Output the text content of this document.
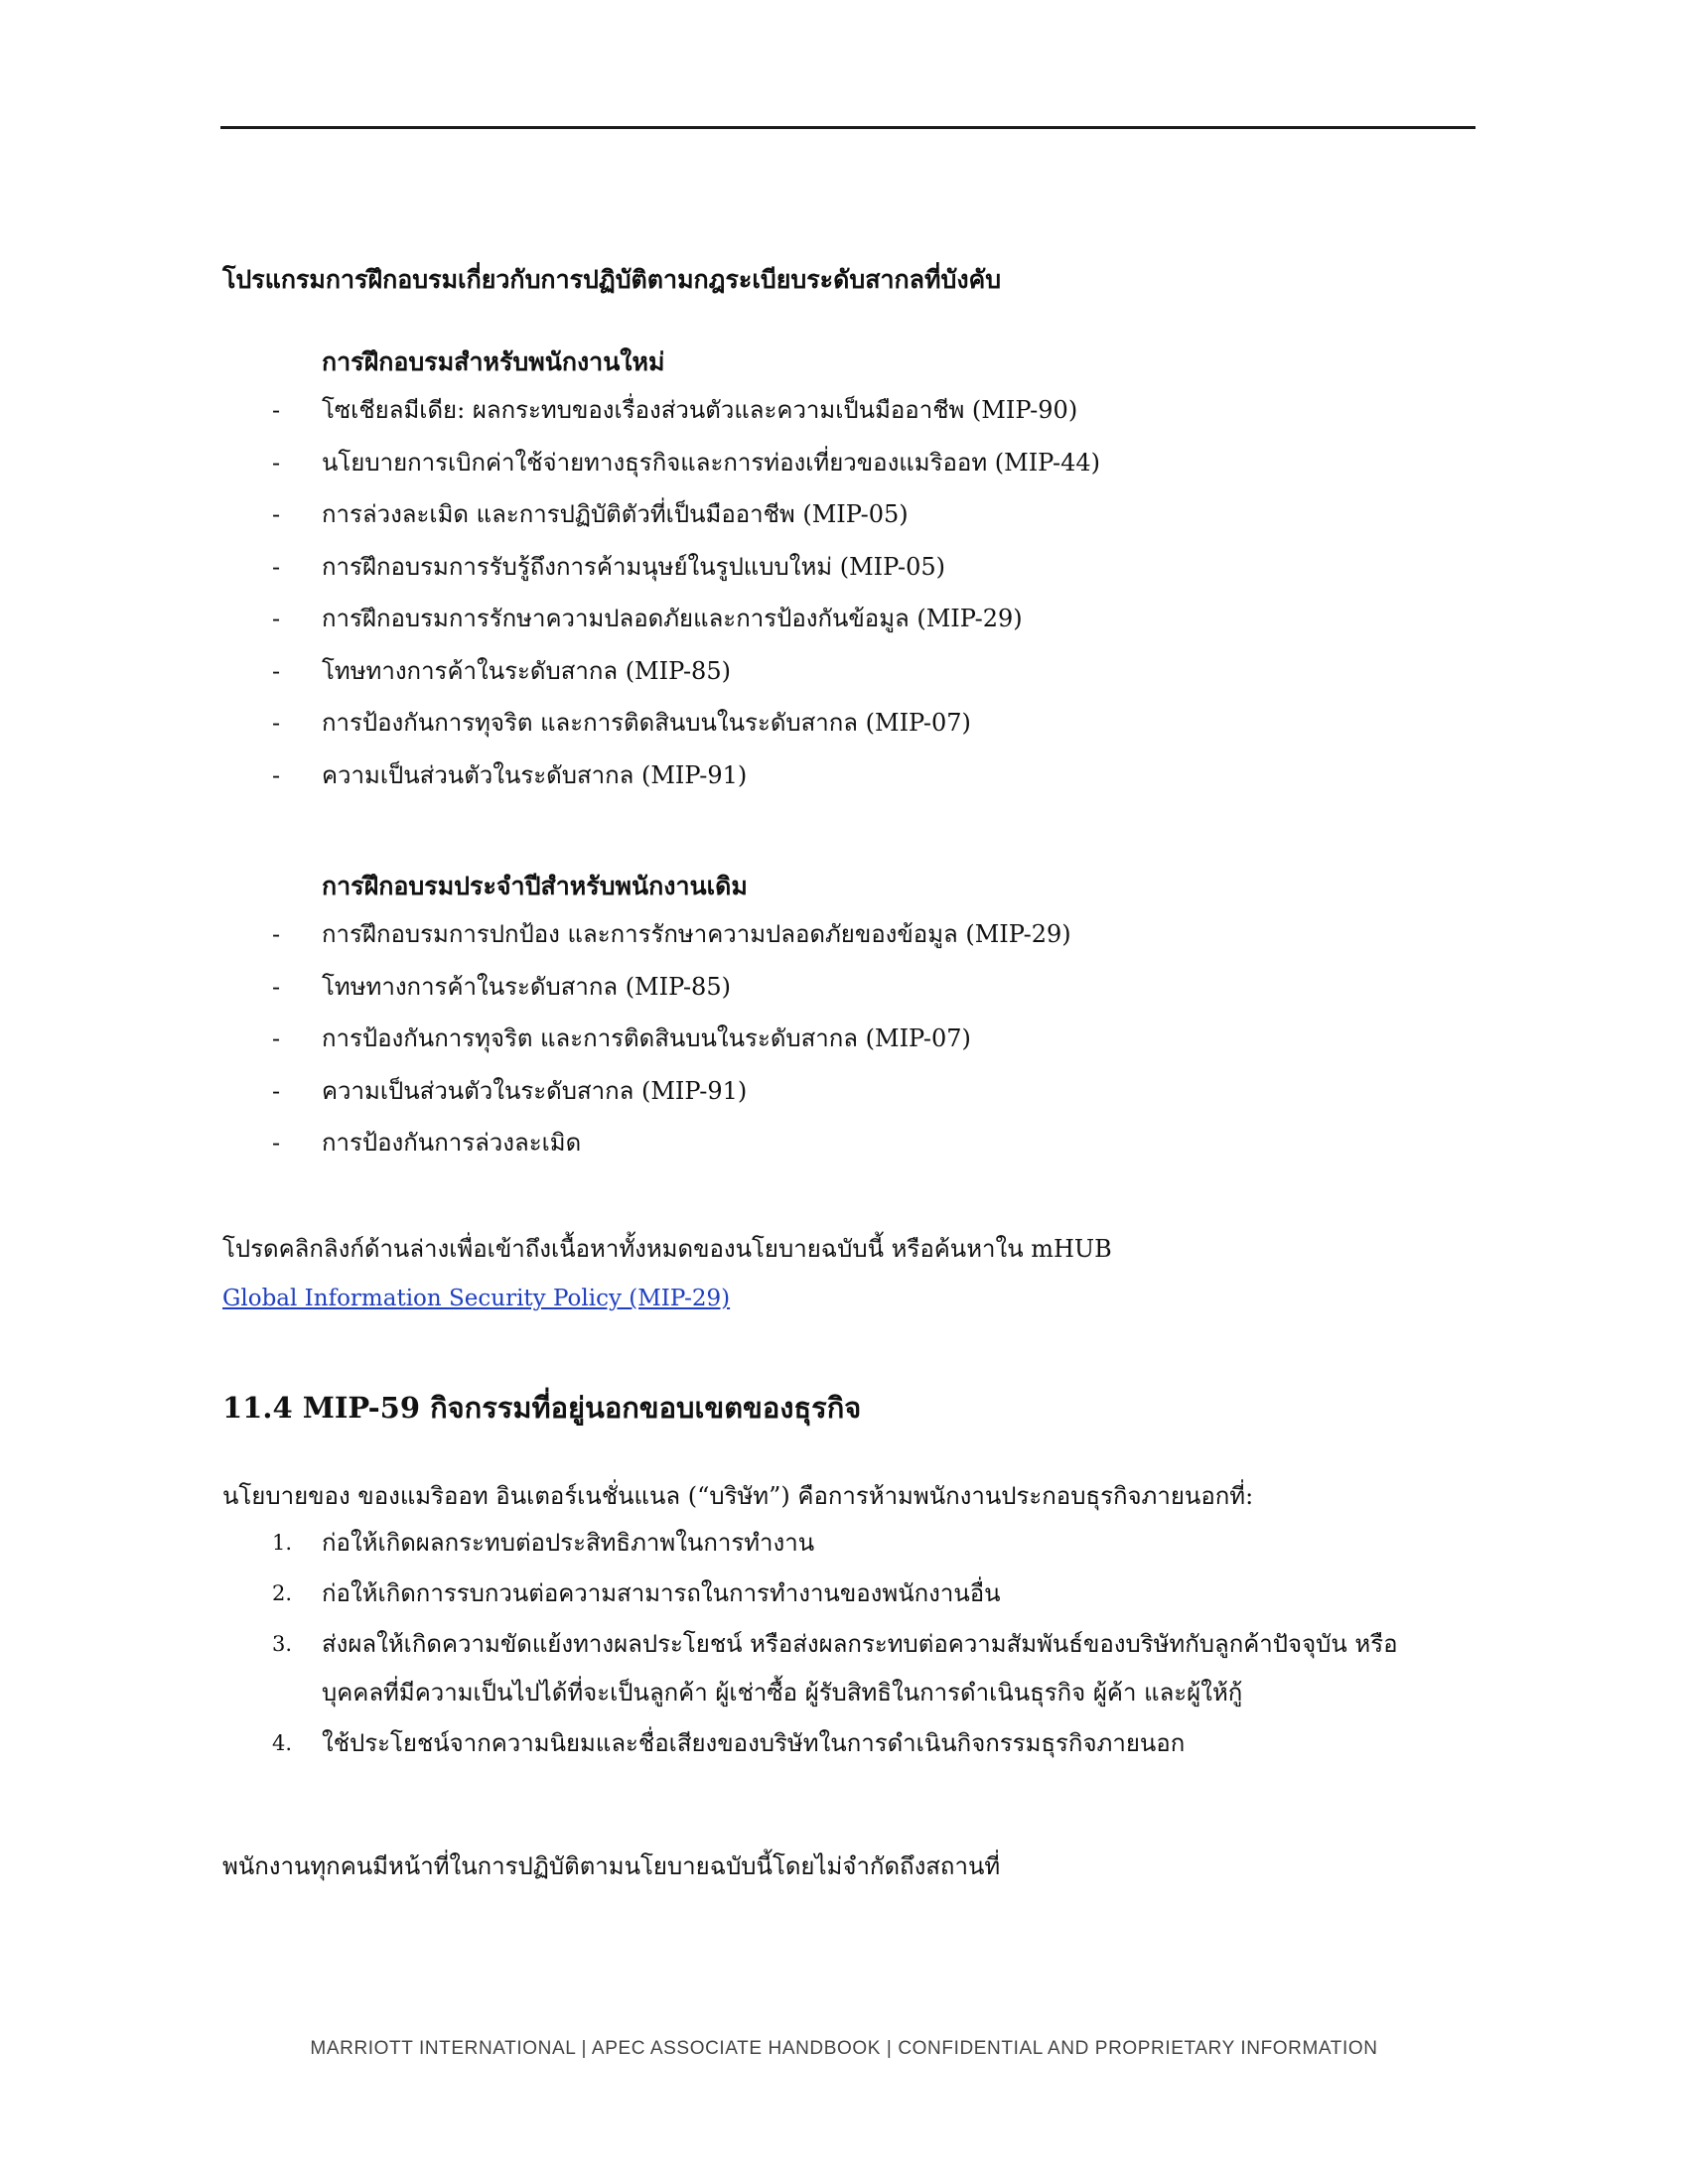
โปรแกรมการฝึกอบรมเกี่ยวกับการปฏิบัติตามกฎระเบียบระดับสากลที่บังคับ
การฝึกอบรมสำหรับพนักงานใหม่
- โซเชียลมีเดีย: ผลกระทบของเรื่องส่วนตัวและความเป็นมืออาชีพ (MIP-90)
- นโยบายการเบิกค่าใช้จ่ายทางธุรกิจและการท่องเที่ยวของแมริออท (MIP-44)
- การล่วงละเมิด และการปฏิบัติตัวที่เป็นมืออาชีพ (MIP-05)
- การฝึกอบรมการรับรู้ถึงการค้ามนุษย์ในรูปแบบใหม่ (MIP-05)
- การฝึกอบรมการรักษาความปลอดภัยและการป้องกันข้อมูล (MIP-29)
- โทษทางการค้าในระดับสากล (MIP-85)
- การป้องกันการทุจริต และการติดสินบนในระดับสากล (MIP-07)
- ความเป็นส่วนตัวในระดับสากล (MIP-91)
การฝึกอบรมประจำปีสำหรับพนักงานเดิม
- การฝึกอบรมการปกป้อง และการรักษาความปลอดภัยของข้อมูล (MIP-29)
- โทษทางการค้าในระดับสากล (MIP-85)
- การป้องกันการทุจริต และการติดสินบนในระดับสากล (MIP-07)
- ความเป็นส่วนตัวในระดับสากล (MIP-91)
- การป้องกันการล่วงละเมิด
โปรดคลิกลิงก์ด้านล่างเพื่อเข้าถึงเนื้อหาทั้งหมดของนโยบายฉบับนี้ หรือค้นหาใน mHUB
Global Information Security Policy (MIP-29)
11.4 MIP-59 กิจกรรมที่อยู่นอกขอบเขตของธุรกิจ
นโยบายของ ของแมริออท อินเตอร์เนชั่นแนล (“บริษัท”) คือการห้ามพนักงานประกอบธุรกิจภายนอกที่:
1. ก่อให้เกิดผลกระทบต่อประสิทธิภาพในการทำงาน
2. ก่อให้เกิดการรบกวนต่อความสามารถในการทำงานของพนักงานอื่น
3. ส่งผลให้เกิดความขัดแย้งทางผลประโยชน์ หรือส่งผลกระทบต่อความสัมพันธ์ของบริษัทกับลูกค้าปัจจุบัน หรือ
บุคคลที่มีความเป็นไปได้ที่จะเป็นลูกค้า ผู้เช่าซื้อ ผู้รับสิทธิในการดำเนินธุรกิจ ผู้ค้า และผู้ให้กู้
4. ใช้ประโยชน์จากความนิยมและชื่อเสียงของบริษัทในการดำเนินกิจกรรมธุรกิจภายนอก
พนักงานทุกคนมีหน้าที่ในการปฏิบัติตามนโยบายฉบับนี้โดยไม่จำกัดถึงสถานที่
MARRIOTT INTERNATIONAL | APEC ASSOCIATE HANDBOOK | CONFIDENTIAL AND PROPRIETARY INFORMATION
